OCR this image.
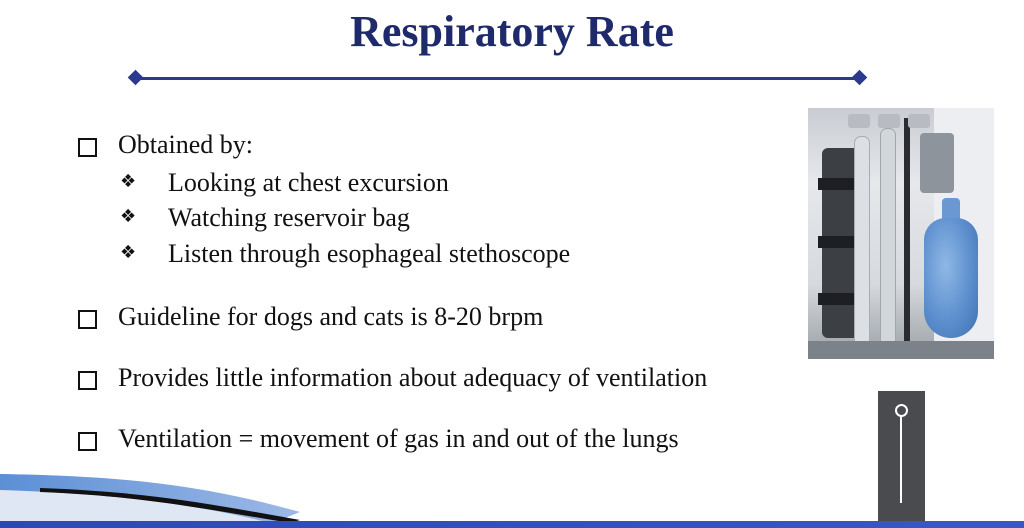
Respiratory Rate
Obtained by:
❖ Looking at chest excursion
❖ Watching reservoir bag
❖ Listen through esophageal stethoscope
Guideline for dogs and cats is 8-20 brpm
Provides little information about adequacy of ventilation
Ventilation = movement of gas in and out of the lungs
